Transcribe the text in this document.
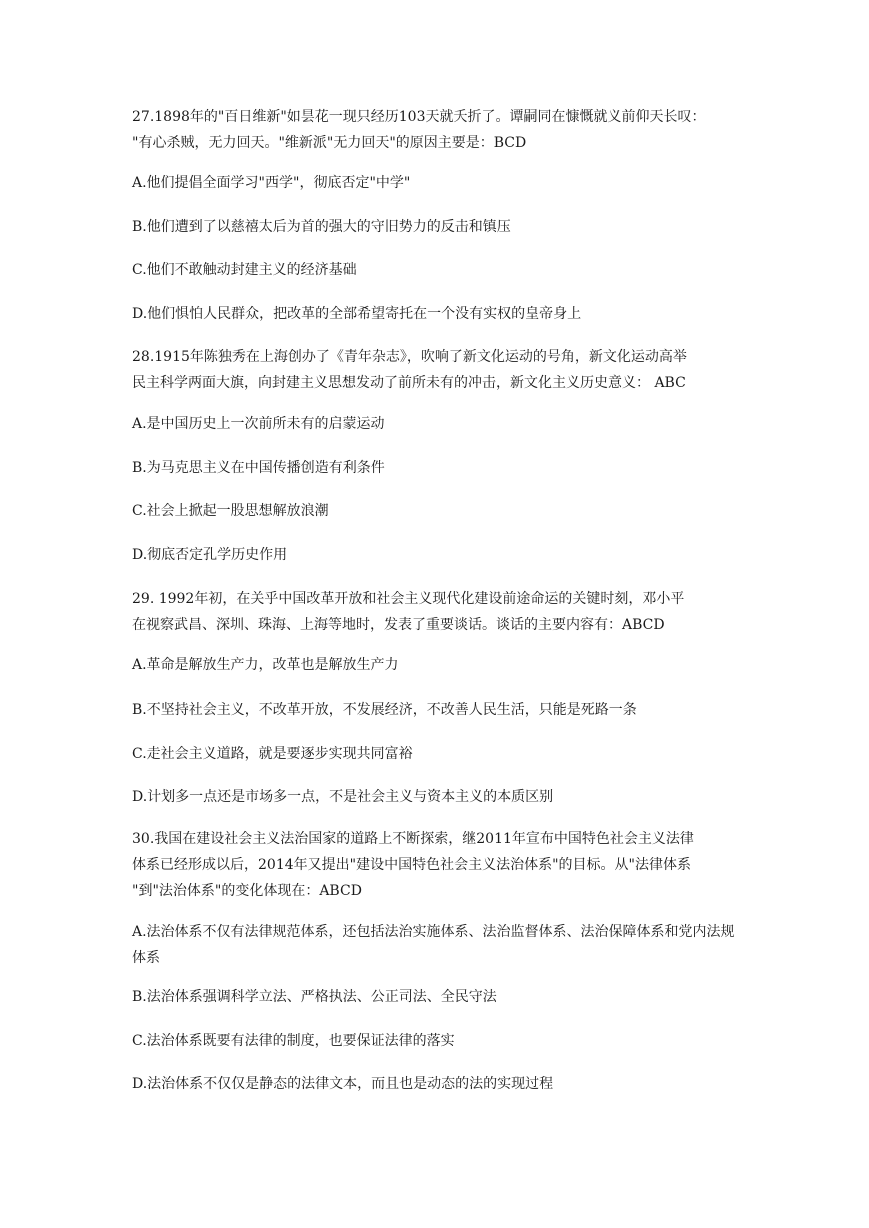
27.1898年的"百日维新"如昙花一现只经历103天就夭折了。谭嗣同在慷慨就义前仰天长叹：

"有心杀贼，无力回天。"维新派"无力回天"的原因主要是：BCD

A.他们提倡全面学习"西学"，彻底否定"中学"

B.他们遭到了以慈禧太后为首的强大的守旧势力的反击和镇压

C.他们不敢触动封建主义的经济基础

D.他们惧怕人民群众，把改革的全部希望寄托在一个没有实权的皇帝身上

28.1915年陈独秀在上海创办了《青年杂志》，吹响了新文化运动的号角，新文化运动高举

民主科学两面大旗，向封建主义思想发动了前所未有的冲击，新文化主义历史意义： ABC

A.是中国历史上一次前所未有的启蒙运动

B.为马克思主义在中国传播创造有利条件

C.社会上掀起一股思想解放浪潮

D.彻底否定孔学历史作用

29. 1992年初，在关乎中国改革开放和社会主义现代化建设前途命运的关键时刻，邓小平

在视察武昌、深圳、珠海、上海等地时，发表了重要谈话。谈话的主要内容有：ABCD

A.革命是解放生产力，改革也是解放生产力

B.不坚持社会主义，不改革开放，不发展经济，不改善人民生活，只能是死路一条

C.走社会主义道路，就是要逐步实现共同富裕

D.计划多一点还是市场多一点，不是社会主义与资本主义的本质区别

30.我国在建设社会主义法治国家的道路上不断探索，继2011年宣布中国特色社会主义法律

体系已经形成以后，2014年又提出"建设中国特色社会主义法治体系"的目标。从"法律体系

"到"法治体系"的变化体现在：ABCD

A.法治体系不仅有法律规范体系，还包括法治实施体系、法治监督体系、法治保障体系和党内法规体系

B.法治体系强调科学立法、严格执法、公正司法、全民守法

C.法治体系既要有法律的制度，也要保证法律的落实

D.法治体系不仅仅是静态的法律文本，而且也是动态的法的实现过程
